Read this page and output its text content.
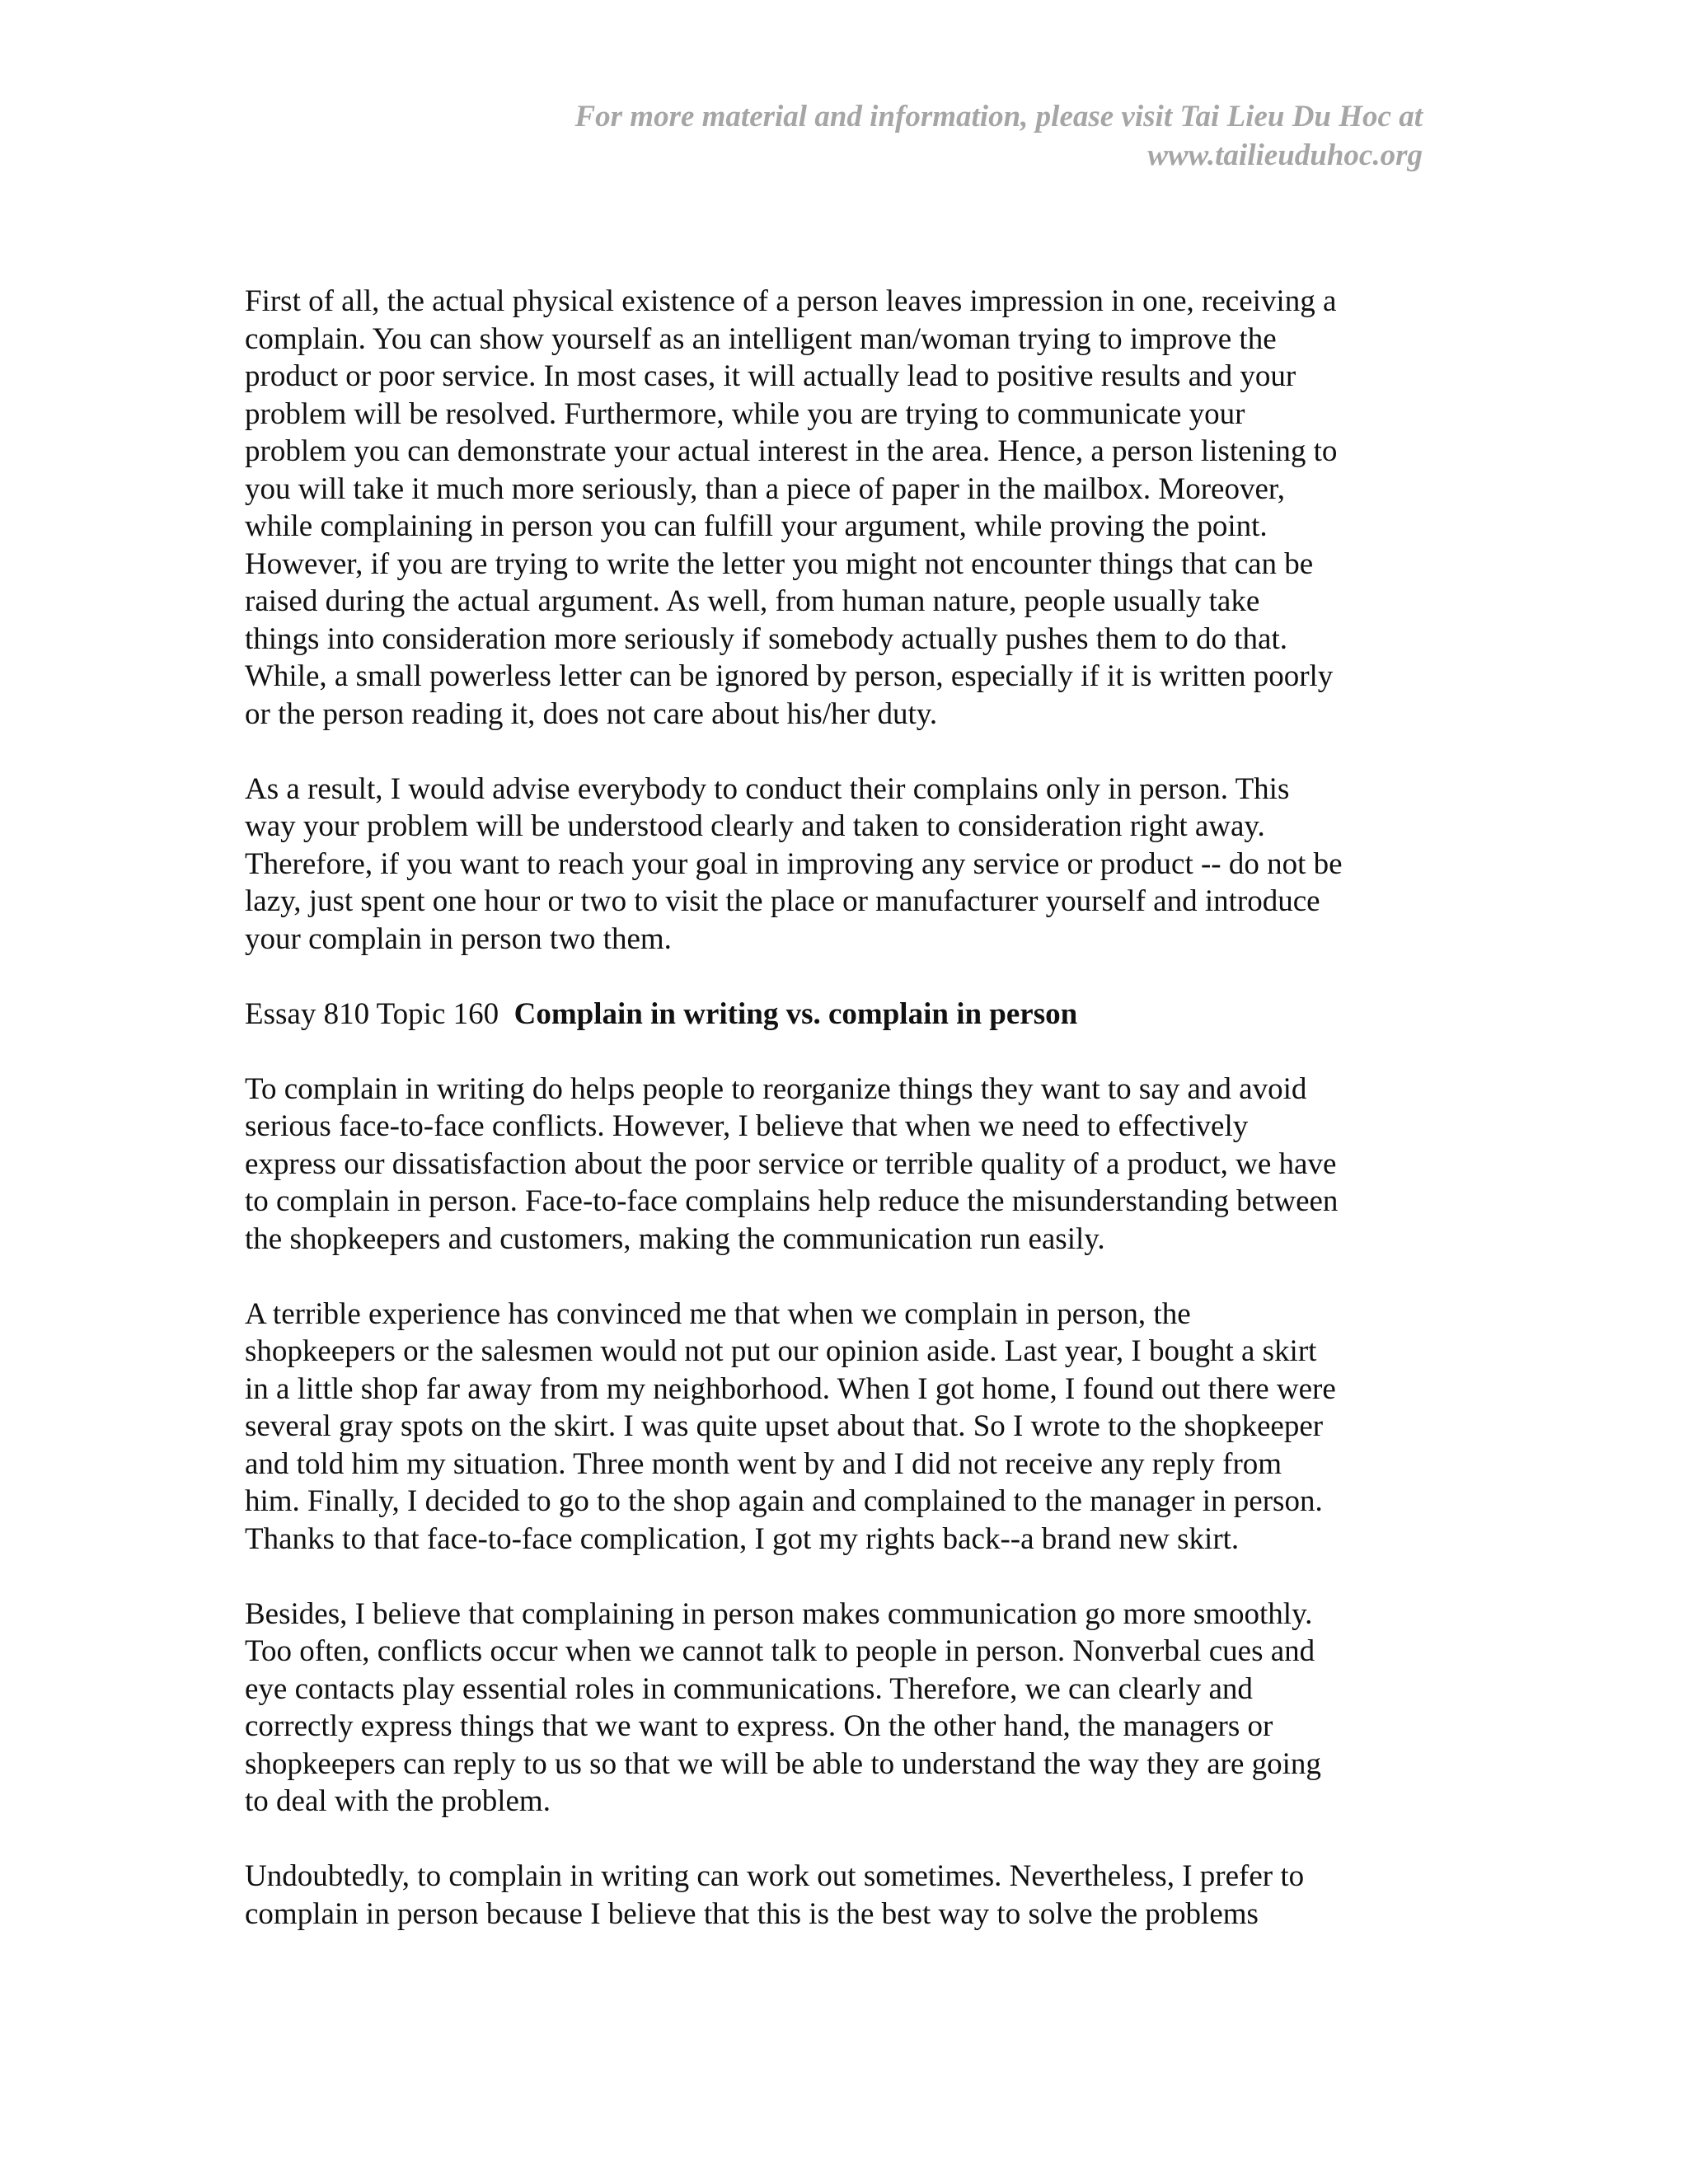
For more material and information, please visit Tai Lieu Du Hoc at
www.tailieuduhoc.org
First of all, the actual physical existence of a person leaves impression in one, receiving a
complain. You can show yourself as an intelligent man/woman trying to improve the
product or poor service. In most cases, it will actually lead to positive results and your
problem will be resolved. Furthermore, while you are trying to communicate your
problem you can demonstrate your actual interest in the area. Hence, a person listening to
you will take it much more seriously, than a piece of paper in the mailbox. Moreover,
while complaining in person you can fulfill your argument, while proving the point.
However, if you are trying to write the letter you might not encounter things that can be
raised during the actual argument. As well, from human nature, people usually take
things into consideration more seriously if somebody actually pushes them to do that.
While, a small powerless letter can be ignored by person, especially if it is written poorly
or the person reading it, does not care about his/her duty.
As a result, I would advise everybody to conduct their complains only in person. This
way your problem will be understood clearly and taken to consideration right away.
Therefore, if you want to reach your goal in improving any service or product -- do not be
lazy, just spent one hour or two to visit the place or manufacturer yourself and introduce
your complain in person two them.
Essay 810 Topic 160 Complain in writing vs. complain in person
To complain in writing do helps people to reorganize things they want to say and avoid
serious face-to-face conflicts. However, I believe that when we need to effectively
express our dissatisfaction about the poor service or terrible quality of a product, we have
to complain in person. Face-to-face complains help reduce the misunderstanding between
the shopkeepers and customers, making the communication run easily.
A terrible experience has convinced me that when we complain in person, the
shopkeepers or the salesmen would not put our opinion aside. Last year, I bought a skirt
in a little shop far away from my neighborhood. When I got home, I found out there were
several gray spots on the skirt. I was quite upset about that. So I wrote to the shopkeeper
and told him my situation. Three month went by and I did not receive any reply from
him. Finally, I decided to go to the shop again and complained to the manager in person.
Thanks to that face-to-face complication, I got my rights back--a brand new skirt.
Besides, I believe that complaining in person makes communication go more smoothly.
Too often, conflicts occur when we cannot talk to people in person. Nonverbal cues and
eye contacts play essential roles in communications. Therefore, we can clearly and
correctly express things that we want to express. On the other hand, the managers or
shopkeepers can reply to us so that we will be able to understand the way they are going
to deal with the problem.
Undoubtedly, to complain in writing can work out sometimes. Nevertheless, I prefer to
complain in person because I believe that this is the best way to solve the problems
